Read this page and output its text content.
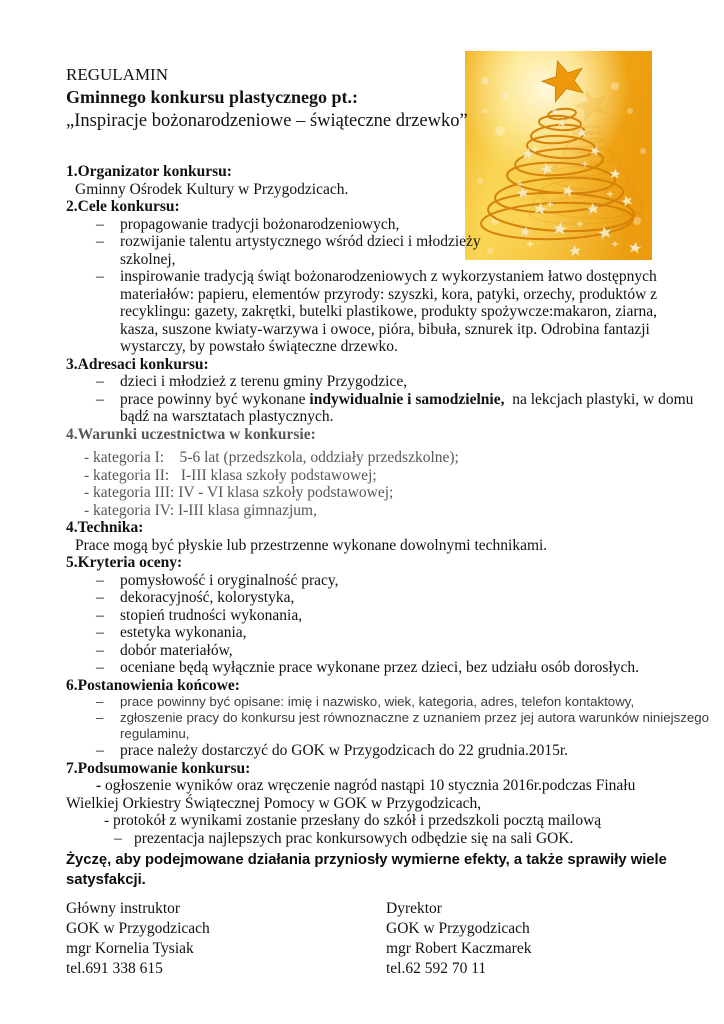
REGULAMIN
Gminnego konkursu plastycznego pt.:
„Inspiracje bożonarodzeniowe – świąteczne drzewko”
1.Organizator konkursu:
Gminny Ośrodek Kultury w Przygodzicach.
2.Cele konkursu:
– propagowanie tradycji bożonarodzeniowych,
– rozwijanie talentu artystycznego wśród dzieci i młodzieży
szkolnej,
– inspirowanie tradycją świąt bożonarodzeniowych z wykorzystaniem łatwo dostępnych
materiałów: papieru, elementów przyrody: szyszki, kora, patyki, orzechy, produktów z
recyklingu: gazety, zakrętki, butelki plastikowe, produkty spożywcze:makaron, ziarna,
kasza, suszone kwiaty-warzywa i owoce, pióra, bibuła, sznurek itp. Odrobina fantazji
wystarczy, by powstało świąteczne drzewko.
3.Adresaci konkursu:
– dzieci i młodzież z terenu gminy Przygodzice,
– prace powinny być wykonane indywidualnie i samodzielnie,  na lekcjach plastyki, w domu
bądź na warsztatach plastycznych.
4.Warunki uczestnictwa w konkursie:
- kategoria I:    5-6 lat (przedszkola, oddziały przedszkolne);
- kategoria II:   I-III klasa szkoły podstawowej;
- kategoria III: IV - VI klasa szkoły podstawowej;
- kategoria IV: I-III klasa gimnazjum,
4.Technika:
Prace mogą być płyskie lub przestrzenne wykonane dowolnymi technikami.
5.Kryteria oceny:
– pomysłowość i oryginalność pracy,
– dekoracyjność, kolorystyka,
– stopień trudności wykonania,
– estetyka wykonania,
– dobór materiałów,
– oceniane będą wyłącznie prace wykonane przez dzieci, bez udziału osób dorosłych.
6.Postanowienia końcowe:
– prace powinny być opisane: imię i nazwisko, wiek, kategoria, adres, telefon kontaktowy,
– zgłoszenie pracy do konkursu jest równoznaczne z uznaniem przez jej autora warunków niniejszego
regulaminu,
– prace należy dostarczyć do GOK w Przygodzicach do 22 grudnia.2015r.
7.Podsumowanie konkursu:
- ogłoszenie wyników oraz wręczenie nagród nastąpi 10 stycznia 2016r.podczas Finału
Wielkiej Orkiestry Świątecznej Pomocy w GOK w Przygodzicach,
- protokół z wynikami zostanie przesłany do szkół i przedszkoli pocztą mailową
– prezentacja najlepszych prac konkursowych odbędzie się na sali GOK.
Życzę, aby podejmowane działania przyniosły wymierne efekty, a także sprawiły wiele
satysfakcji.
Główny instruktor
GOK w Przygodzicach
mgr Kornelia Tysiak
tel.691 338 615
Dyrektor
GOK w Przygodzicach
mgr Robert Kaczmarek
tel.62 592 70 11
